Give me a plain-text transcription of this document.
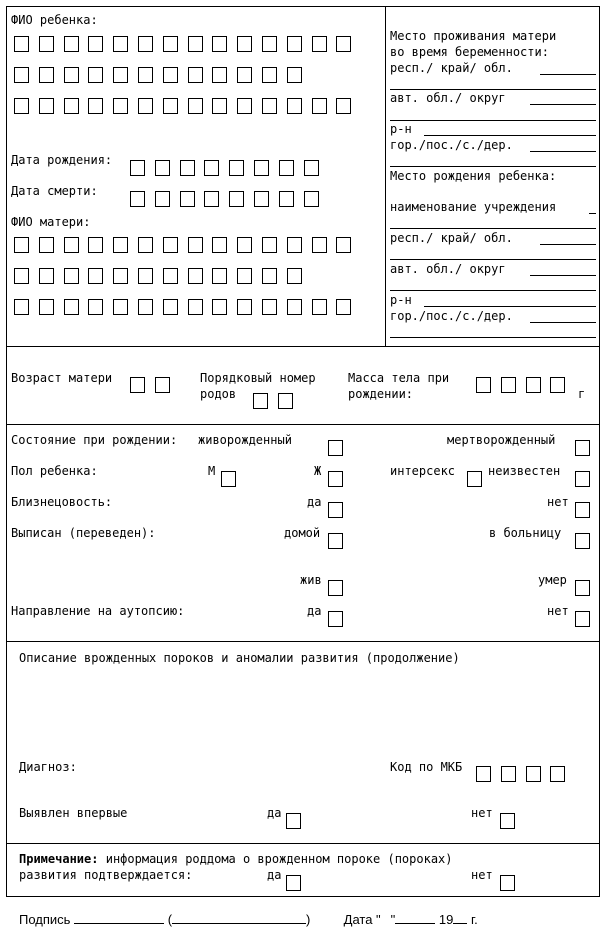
ФИО ребенка:
Дата рождения:
Дата смерти:
ФИО матери:
Место проживания матери
во время беременности:
респ./ край/ обл.
авт. обл./ округ
р-н
гор./пос./с./дер.
Место рождения ребенка:
наименование учреждения
респ./ край/ обл.
авт. обл./ округ
р-н
гор./пос./с./дер.
Возраст матери	Порядковый номер
родов
Масса тела при
рождении:	г
Состояние при рождении: живорожденный	мертворожденный
Пол ребенка:	М	Ж	интерсекс	неизвестен
Близнецовость:	да	нет
Выписан (переведен):	домой	в больницу
жив	умер
Направление на аутопсию:	да	нет
Описание врожденных пороков и аномалии развития (продолжение)
Диагноз:	Код по МКБ
Выявлен впервые	да	нет
Примечание: информация роддома о врожденном пороке (пороках)
развития подтверждается:	да	нет
Подпись	(	)	Дата " "	19 г.
